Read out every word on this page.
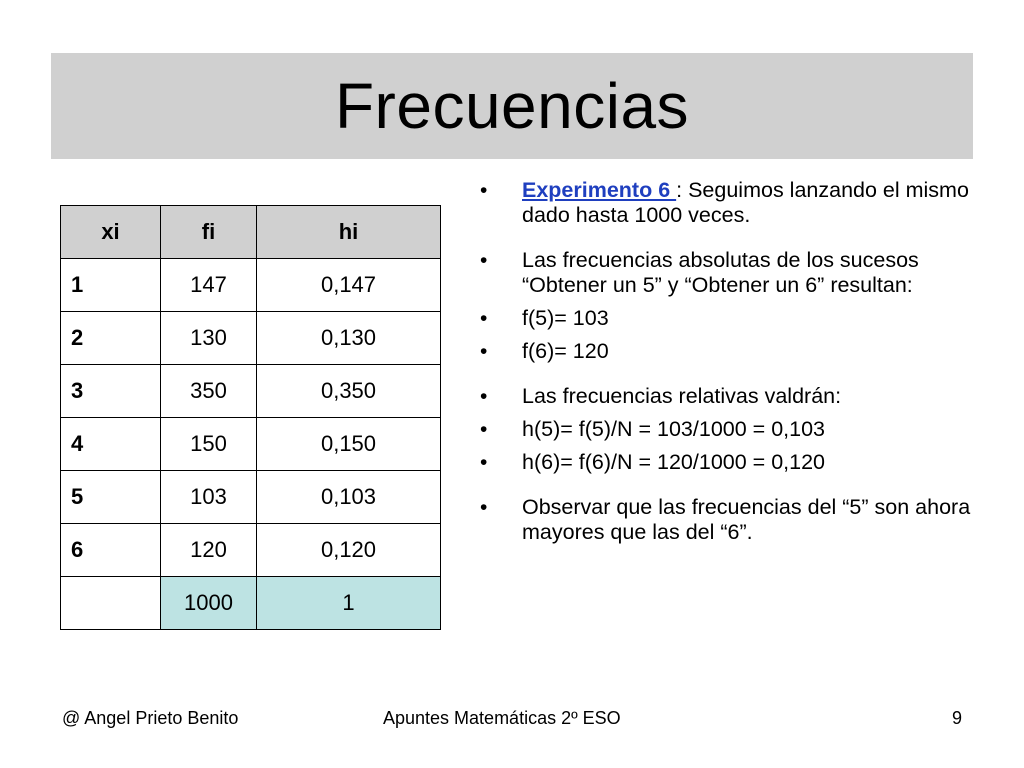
Frecuencias
xi	fi	hi
1	147	0,147
2	130	0,130
3	350	0,350
4	150	0,150
5	103	0,103
6	120	0,120
	1000	1
• Experimento 6 : Seguimos lanzando el mismo dado hasta 1000 veces.
• Las frecuencias absolutas de los sucesos “Obtener un 5” y “Obtener un 6” resultan:
• f(5)= 103
• f(6)= 120
• Las frecuencias relativas valdrán:
• h(5)= f(5)/N = 103/1000 = 0,103
• h(6)= f(6)/N = 120/1000 = 0,120
• Observar que las frecuencias del “5” son ahora mayores que las del “6”.
@ Angel Prieto Benito	Apuntes Matemáticas 2º ESO	9
